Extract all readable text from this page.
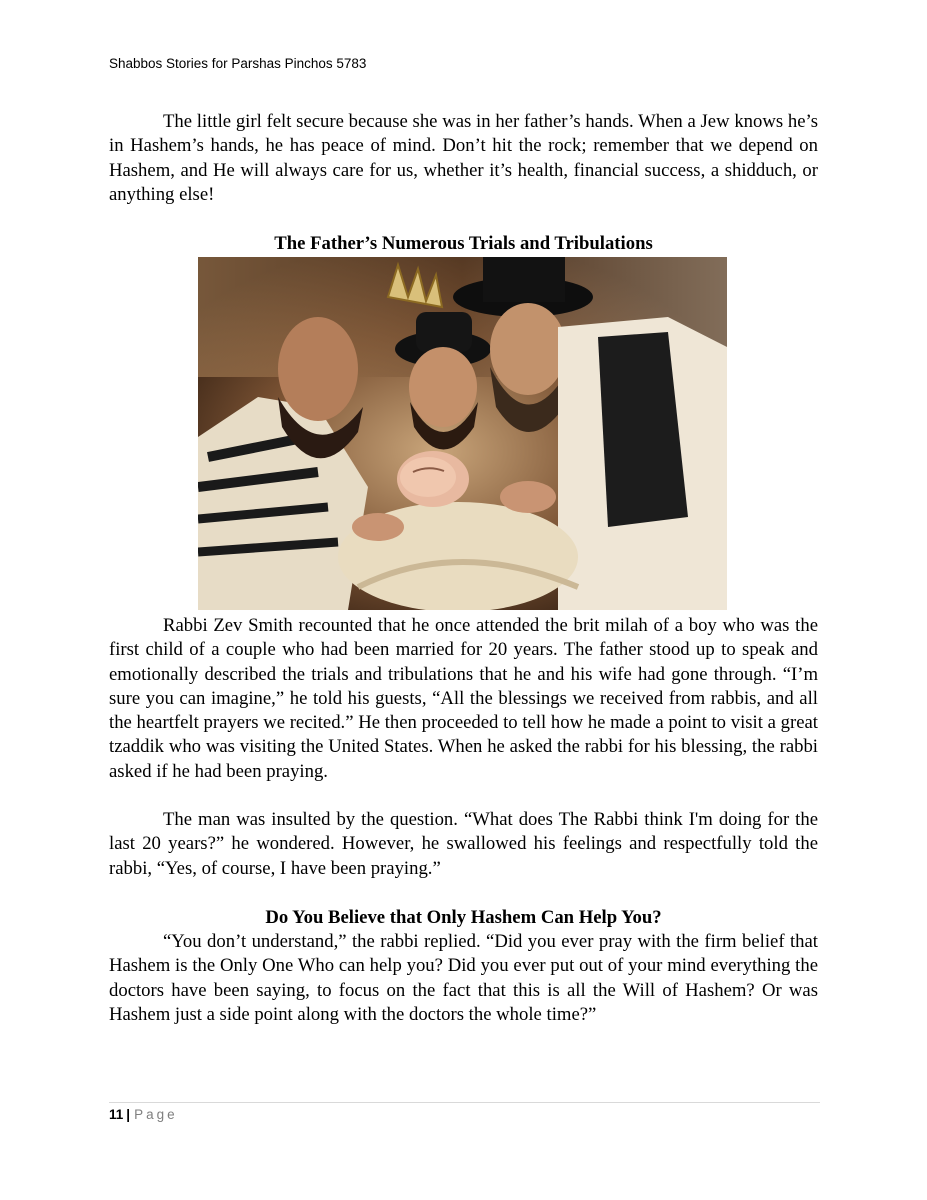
Shabbos Stories for Parshas Pinchos 5783
The little girl felt secure because she was in her father’s hands. When a Jew knows he’s in Hashem’s hands, he has peace of mind. Don’t hit the rock; remember that we depend on Hashem, and He will always care for us, whether it’s health, financial success, a shidduch, or anything else!
The Father’s Numerous Trials and Tribulations
Rabbi Zev Smith recounted that he once attended the brit milah of a boy who was the first child of a couple who had been married for 20 years. The father stood up to speak and emotionally described the trials and tribulations that he and his wife had gone through. “I’m sure you can imagine,” he told his guests, “All the blessings we received from rabbis, and all the heartfelt prayers we recited.” He then proceeded to tell how he made a point to visit a great tzaddik who was visiting the United States. When he asked the rabbi for his blessing, the rabbi asked if he had been praying.
The man was insulted by the question. “What does The Rabbi think I'm doing for the last 20 years?” he wondered. However, he swallowed his feelings and respectfully told the rabbi, “Yes, of course, I have been praying.”
Do You Believe that Only Hashem Can Help You?
“You don’t understand,” the rabbi replied. “Did you ever pray with the firm belief that Hashem is the Only One Who can help you? Did you ever put out of your mind everything the doctors have been saying, to focus on the fact that this is all the Will of Hashem? Or was Hashem just a side point along with the doctors the whole time?”
11 | Page
